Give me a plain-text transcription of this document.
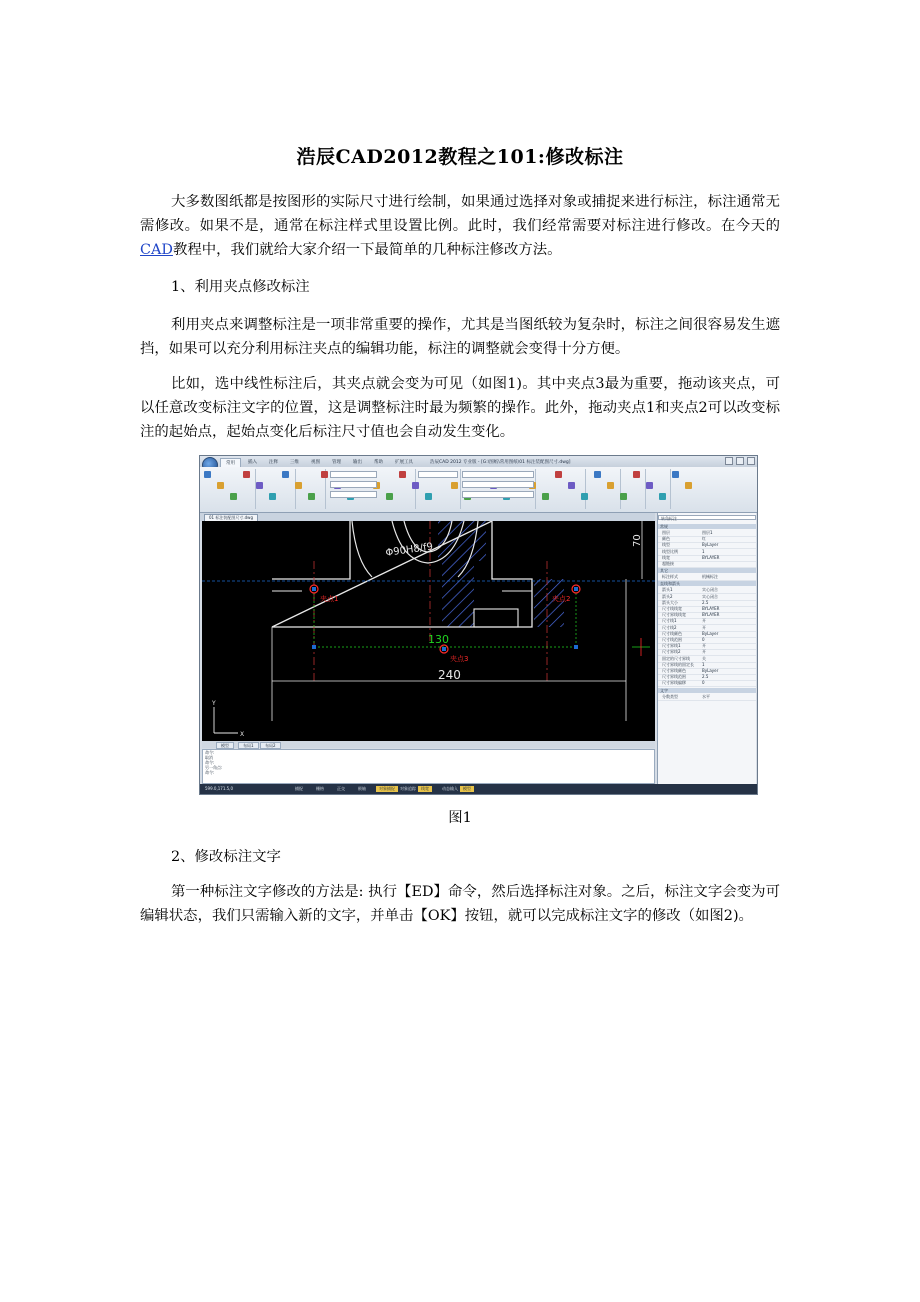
浩辰CAD2012教程之101:修改标注

大多数图纸都是按图形的实际尺寸进行绘制，如果通过选择对象或捕捉来进行标注，标注通常无需修改。如果不是，通常在标注样式里设置比例。此时，我们经常需要对标注进行修改。在今天的CAD教程中，我们就给大家介绍一下最简单的几种标注修改方法。

1、利用夹点修改标注

利用夹点来调整标注是一项非常重要的操作，尤其是当图纸较为复杂时，标注之间很容易发生遮挡，如果可以充分利用标注夹点的编辑功能，标注的调整就会变得十分方便。

比如，选中线性标注后，其夹点就会变为可见（如图1)。其中夹点3最为重要，拖动该夹点，可以任意改变标注文字的位置，这是调整标注时最为频繁的操作。此外，拖动夹点1和夹点2可以改变标注的起始点，起始点变化后标注尺寸值也会自动发生变化。

常用	插入	注释	三维	视图	管理	输出	帮助	扩展工具	浩辰CAD 2012 专业版 - [G:\图纸\常用图纸\01 标注装配图尺寸.dwg]
01 标注装配图尺寸.dwg
130
240
70
Φ90H8/f9
夹点1	夹点2
夹点3
Y
X
模型	布局1	布局2
命令:
取消
命令:
另一角点:
命令:
转角标注
常规
图层	图层1
颜色	红
线型	ByLayer
线型比例	1
线宽	BYLAYER
超链接
其它
标注样式	机械标注
直线和箭头
箭头1	实心闭合
箭头2	实心闭合
箭头大小	2.5
尺寸线线宽	BYLAYER
尺寸界线线宽	BYLAYER
尺寸线1	开
尺寸线2	开
尺寸线颜色	ByLayer
尺寸线范围	0
尺寸界线1	开
尺寸界线2	开
固定的尺寸界线	关
尺寸界线的固定长 1
尺寸界线颜色	ByLayer
尺寸界线范围	2.5
尺寸界线偏移	0
文字
分数类型	水平
599.0,171.5,0	捕捉	栅格	正交	极轴	对象捕捉	对象追踪	线宽	动态输入	模型
图1
2、修改标注文字

第一种标注文字修改的方法是: 执行【ED】命令，然后选择标注对象。之后，标注文字会变为可编辑状态，我们只需输入新的文字，并单击【OK】按钮，就可以完成标注文字的修改（如图2)。
